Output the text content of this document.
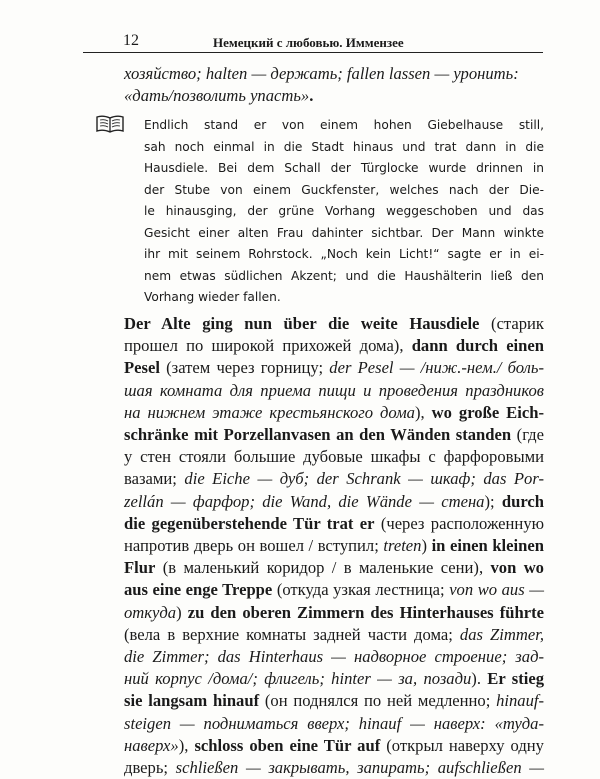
12	Немецкий с любовью. Иммензее
хозяйство; halten — держать; fallen lassen — уронить:
«дать/позволить упасть».
Endlich stand er von einem hohen Giebelhause still,
sah noch einmal in die Stadt hinaus und trat dann in die
Hausdiele. Bei dem Schall der Türglocke wurde drinnen in
der Stube von einem Guckfenster, welches nach der Die-
le hinausging, der grüne Vorhang weggeschoben und das
Gesicht einer alten Frau dahinter sichtbar. Der Mann winkte
ihr mit seinem Rohrstock. „Noch kein Licht!“ sagte er in ei-
nem etwas südlichen Akzent; und die Haushälterin ließ den
Vorhang wieder fallen.
Der Alte ging nun über die weite Hausdiele (старик
прошел по широкой прихожей дома), dann durch einen
Pesel (затем через горницу; der Pesel — /ниж.-нем./ боль-
шая комната для приема пищи и проведения праздников
на нижнем этаже крестьянского дома), wo große Eich-
schränke mit Porzellanvasen an den Wänden standen (где
у стен стояли большие дубовые шкафы с фарфоровыми
вазами; die Eiche — дуб; der Schrank — шкаф; das Por-
zellán — фарфор; die Wand, die Wände — стена); durch
die gegenüberstehende Tür trat er (через расположенную
напротив дверь он вошел / вступил; treten) in einen kleinen
Flur (в маленький коридор / в маленькие сени), von wo
aus eine enge Treppe (откуда узкая лестница; von wo aus —
откуда) zu den oberen Zimmern des Hinterhauses führte
(вела в верхние комнаты задней части дома; das Zimmer,
die Zimmer; das Hinterhaus — надворное строение; зад-
ний корпус /дома/; флигель; hinter — за, позади). Er stieg
sie langsam hinauf (он поднялся по ней медленно; hinauf-
steigen — подниматься вверх; hinauf — наверх: «туда-
наверх»), schloss oben eine Tür auf (открыл наверху одну
дверь; schließen — закрывать, запирать; aufschließen —
